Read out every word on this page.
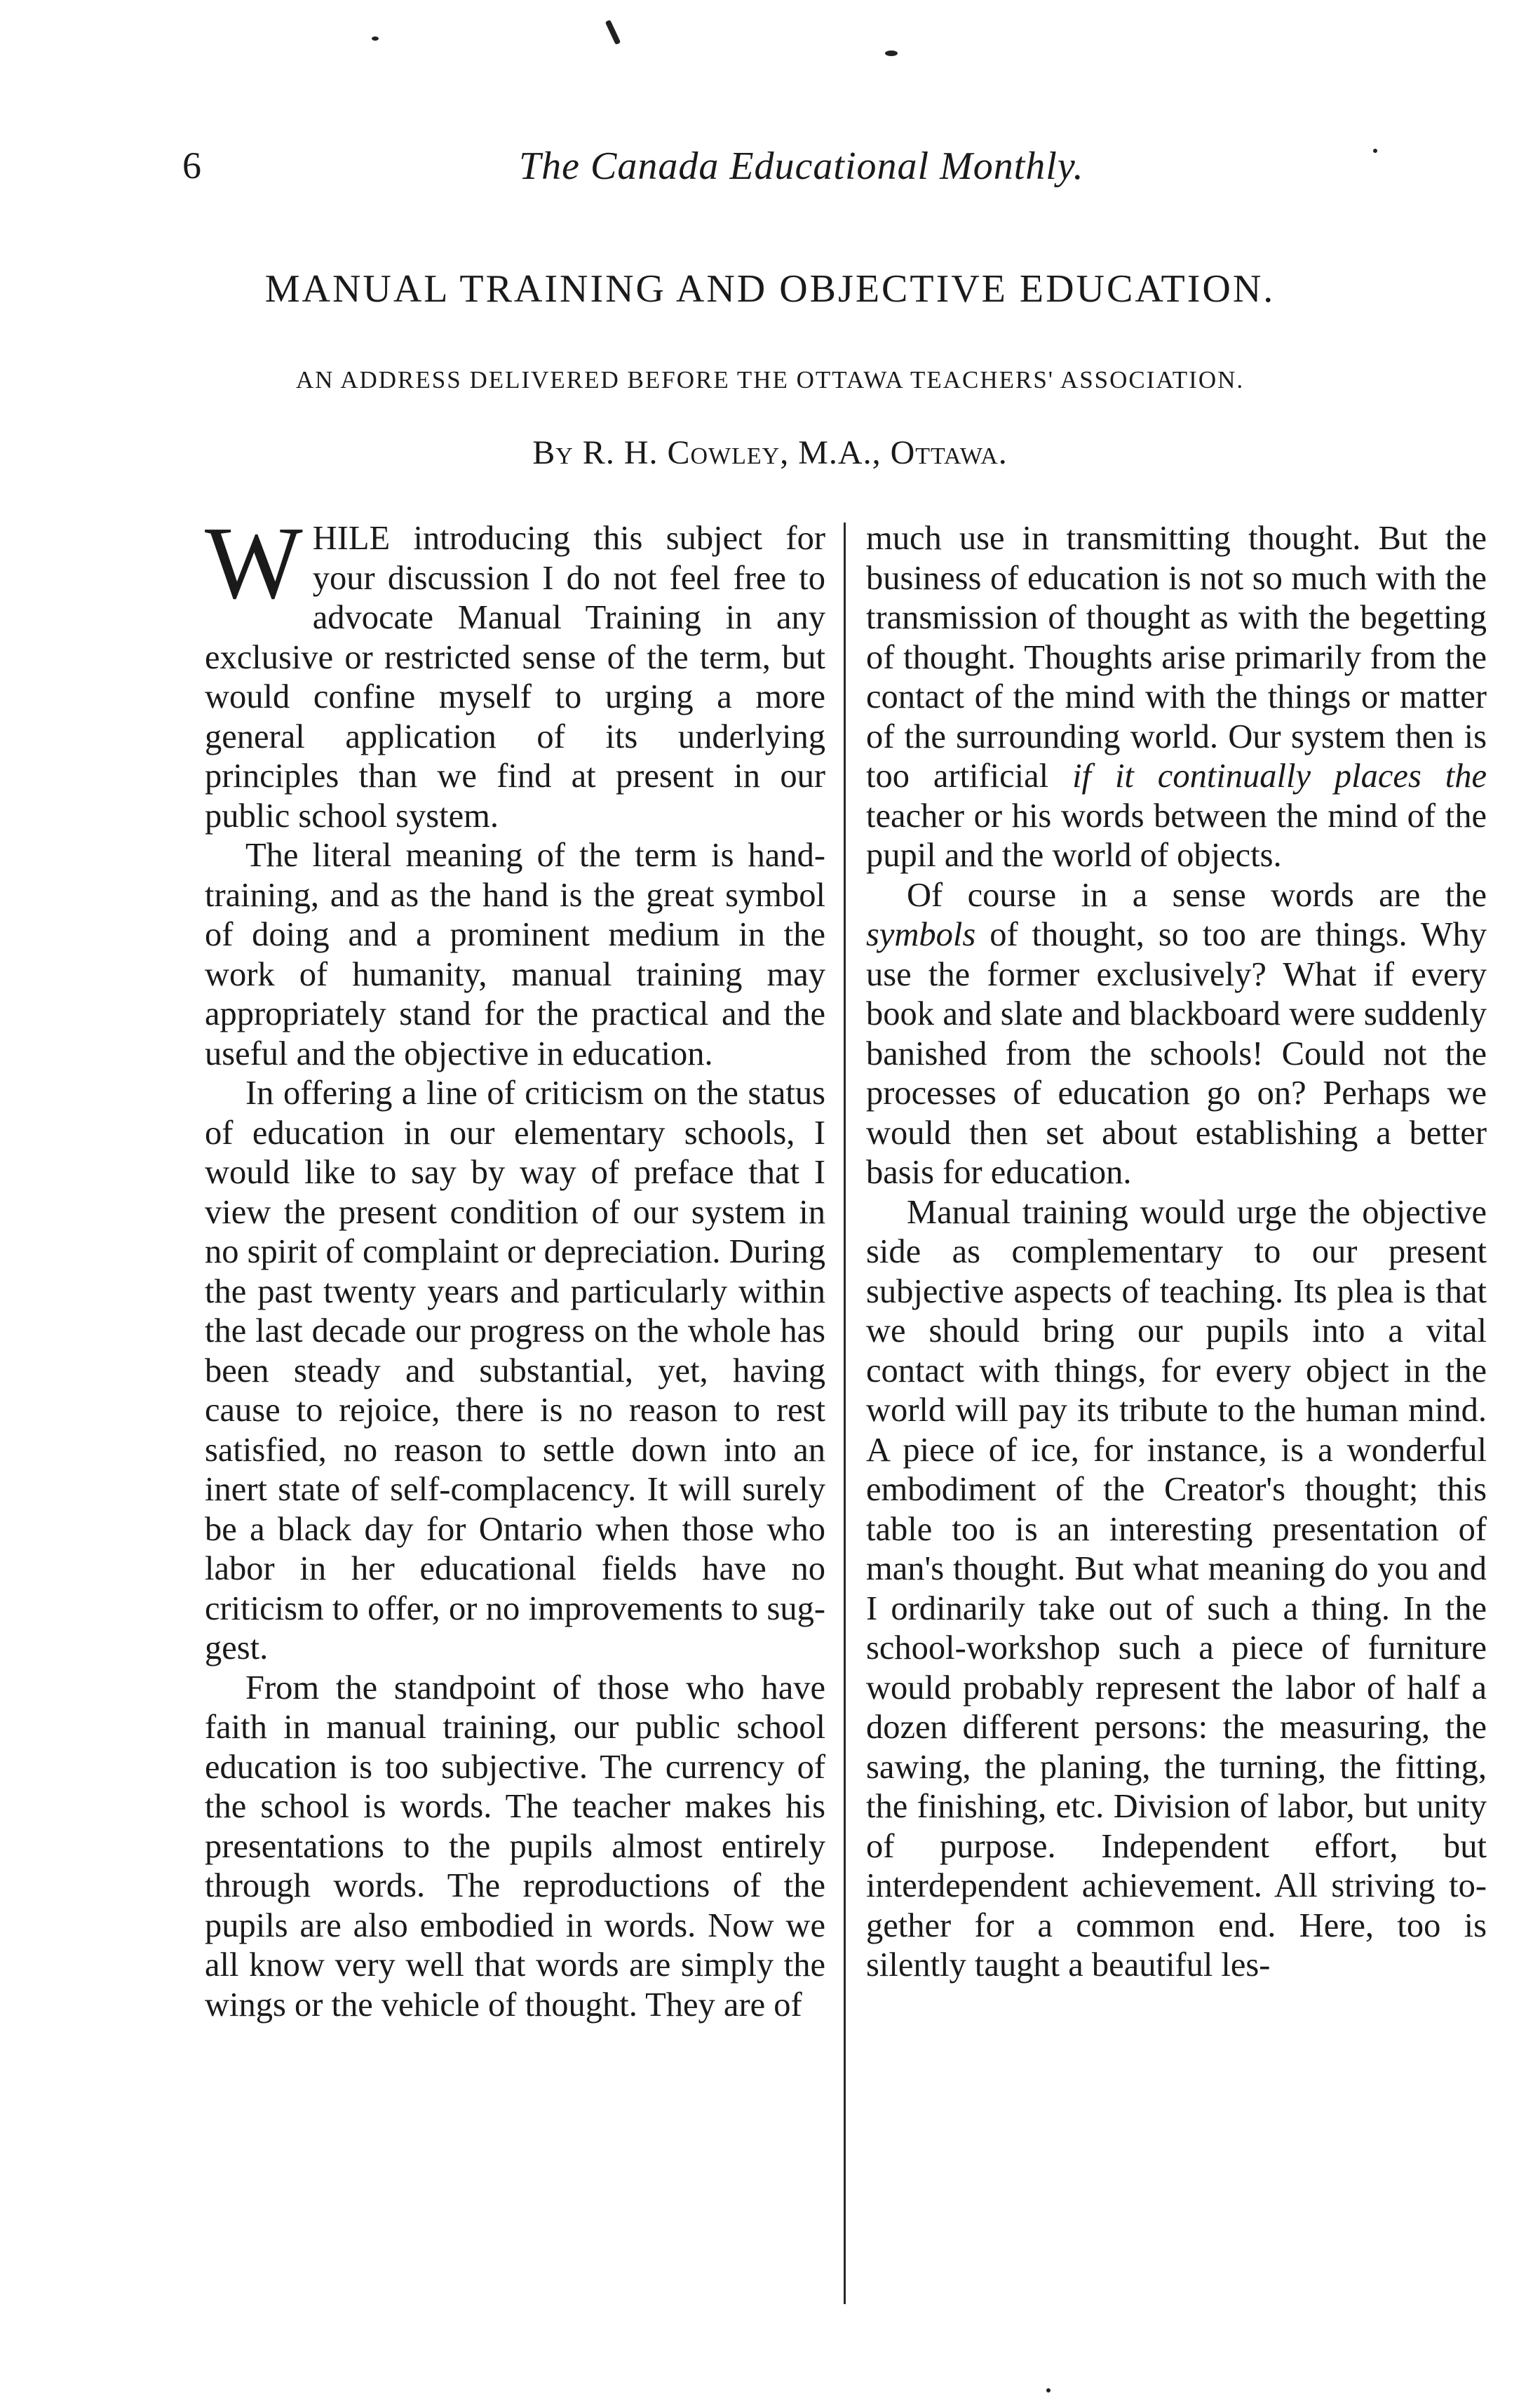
6	The Canada Educational Monthly.
MANUAL TRAINING AND OBJECTIVE EDUCATION.
AN ADDRESS DELIVERED BEFORE THE OTTAWA TEACHERS' ASSOCIATION.
By R. H. Cowley, M.A., Ottawa.

WHILE introducing this subject for your discussion I do not feel free to advocate Manual Training in any exclusive or restricted sense of the term, but would confine myself to urging a more general application of its underlying principles than we find at present in our public school system.

The literal meaning of the term is hand-training, and as the hand is the great symbol of doing and a prominent medium in the work of humanity, manual training may appropriately stand for the practical and the useful and the objective in education.

In offering a line of criticism on the status of education in our elementary schools, I would like to say by way of preface that I view the present condition of our system in no spirit of complaint or depreciation. During the past twenty years and particularly within the last decade our progress on the whole has been steady and substantial, yet, having cause to rejoice, there is no reason to rest satisfied, no reason to settle down into an inert state of self-complacency. It will surely be a black day for Ontario when those who labor in her educational fields have no criticism to offer, or no improvements to suggest.

From the standpoint of those who have faith in manual training, our public school education is too subjective. The currency of the school is words. The teacher makes his presentations to the pupils almost entirely through words. The reproductions of the pupils are also embodied in words. Now we all know very well that words are simply the wings or the vehicle of thought. They are of

much use in transmitting thought. But the business of education is not so much with the transmission of thought as with the begetting of thought. Thoughts arise primarily from the contact of the mind with the things or matter of the surrounding world. Our system then is too artificial if it continually places the teacher or his words between the mind of the pupil and the world of objects.

Of course in a sense words are the symbols of thought, so too are things. Why use the former exclusively? What if every book and slate and blackboard were suddenly banished from the schools! Could not the processes of education go on? Perhaps we would then set about establishing a better basis for education.

Manual training would urge the objective side as complementary to our present subjective aspects of teaching. Its plea is that we should bring our pupils into a vital contact with things, for every object in the world will pay its tribute to the human mind. A piece of ice, for instance, is a wonderful embodiment of the Creator's thought; this table too is an interesting presentation of man's thought. But what meaning do you and I ordinarily take out of such a thing. In the school-workshop such a piece of furniture would probably represent the labor of half a dozen different persons: the measuring, the sawing, the planing, the turning, the fitting, the finishing, etc. Division of labor, but unity of purpose. Independent effort, but interdependent achievement. All striving together for a common end. Here, too is silently taught a beautiful les-
